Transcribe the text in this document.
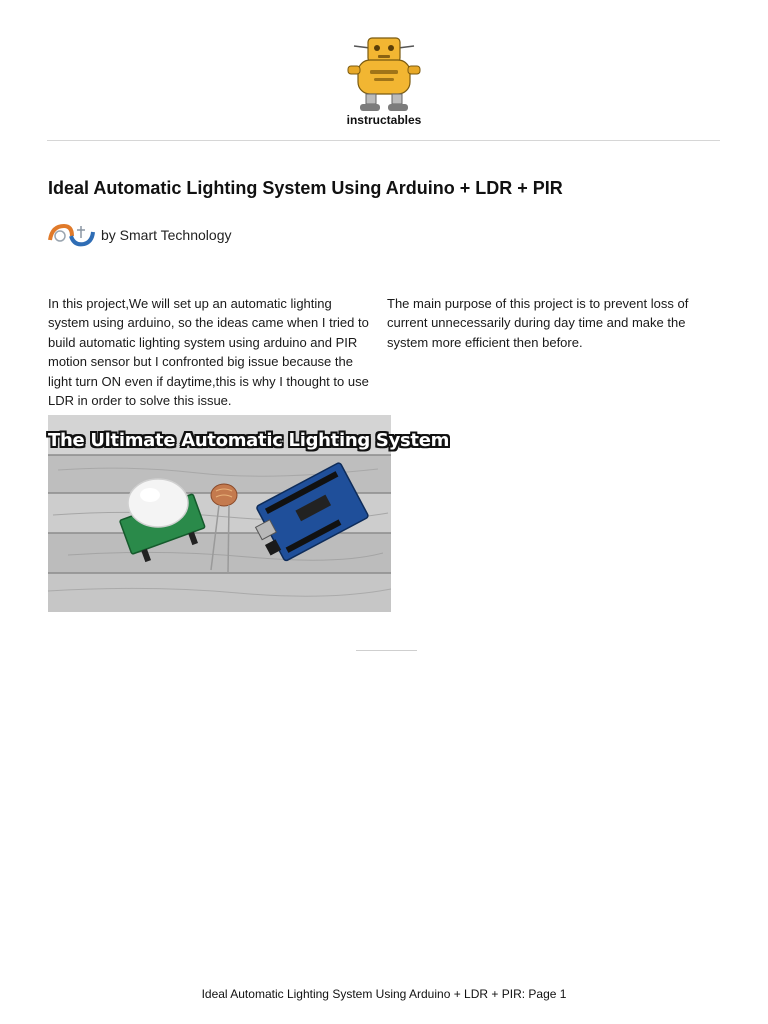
instructables
Ideal Automatic Lighting System Using Arduino + LDR + PIR
by Smart Technology

In this project,We will set up an automatic lighting system using arduino, so the ideas came when I tried to build automatic lighting system using arduino and PIR motion sensor but I confronted big issue because the light turn ON even if daytime,this is why I thought to use LDR in order to solve this issue.

The main purpose of this project is to prevent loss of current unnecessarily during day time and make the system more efficient then before.

The Ultimate Automatic Lighting System
Ideal Automatic Lighting System Using Arduino + LDR + PIR: Page 1
